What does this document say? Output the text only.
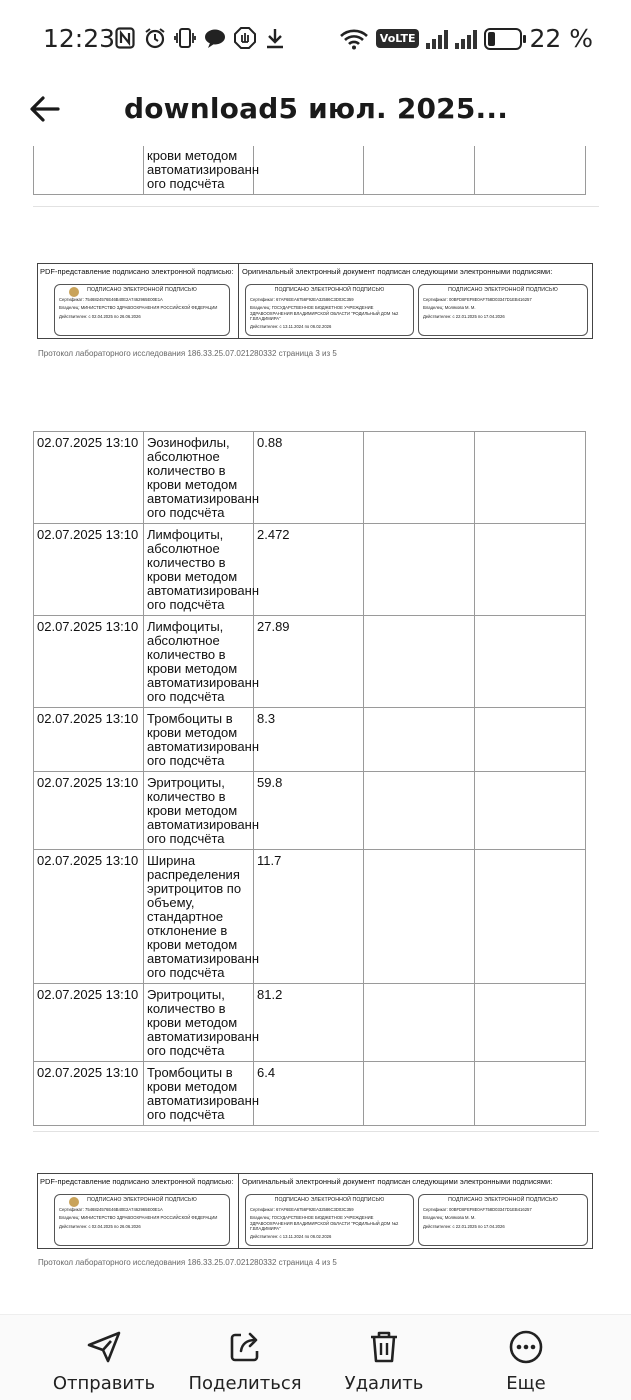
12:23	VoLTE	22 %
download5 июл. 2025...
	крови методом автоматизированн ого подсчёта			
PDF-представление подписано электронной подписью:
ПОДПИСАНО ЭЛЕКТРОННОЙ ПОДПИСЬЮ
Сертификат: 7546824576E46B40E2A7462965E00E1A
Владелец: МИНИСТЕРСТВО ЗДРАВООХРАНЕНИЯ РОССИЙСКОЙ ФЕДЕРАЦИИ
Действителен: с 02.04.2025 по 26.06.2026
Оригинальный электронный документ подписан следующими электронными подписями:
ПОДПИСАНО ЭЛЕКТРОННОЙ ПОДПИСЬЮ
Сертификат: 67AF6EEA6756F92EA32586C3D03C359
Владелец: ГОСУДАРСТВЕННОЕ БЮДЖЕТНОЕ УЧРЕЖДЕНИЕ ЗДРАВООХРАНЕНИЯ ВЛАДИМИРСКОЙ ОБЛАСТИ "РОДИЛЬНЫЙ ДОМ №2 Г.ВЛАДИМИРА"
Действителен: с 13.11.2024 по 06.02.2026
ПОДПИСАНО ЭЛЕКТРОННОЙ ПОДПИСЬЮ
Сертификат: 00BFD8FEF8E0AF758D03347D1EB416257
Владелец: Молякова М. М.
Действителен: с 22.01.2025 по 17.04.2026
Протокол лабораторного исследования 186.33.25.07.021280332 страница 3 из 5
02.07.2025 13:10	Эозинофилы, абсолютное количество в крови методом автоматизированн ого подсчёта	0.88		
02.07.2025 13:10	Лимфоциты, абсолютное количество в крови методом автоматизированн ого подсчёта	2.472		
02.07.2025 13:10	Лимфоциты, абсолютное количество в крови методом автоматизированн ого подсчёта	27.89		
02.07.2025 13:10	Тромбоциты в крови методом автоматизированн ого подсчёта	8.3		
02.07.2025 13:10	Эритроциты, количество в крови методом автоматизированн ого подсчёта	59.8		
02.07.2025 13:10	Ширина распределения эритроцитов по объему, стандартное отклонение в крови методом автоматизированн ого подсчёта	11.7		
02.07.2025 13:10	Эритроциты, количество в крови методом автоматизированн ого подсчёта	81.2		
02.07.2025 13:10	Тромбоциты в крови методом автоматизированн ого подсчёта	6.4		
PDF-представление подписано электронной подписью:
ПОДПИСАНО ЭЛЕКТРОННОЙ ПОДПИСЬЮ
Сертификат: 7546824576E46B40E2A7462965E00E1A
Владелец: МИНИСТЕРСТВО ЗДРАВООХРАНЕНИЯ РОССИЙСКОЙ ФЕДЕРАЦИИ
Действителен: с 02.04.2025 по 26.06.2026
Оригинальный электронный документ подписан следующими электронными подписями:
ПОДПИСАНО ЭЛЕКТРОННОЙ ПОДПИСЬЮ
Сертификат: 67AF6EEA6756F92EA32586C3D03C359
Владелец: ГОСУДАРСТВЕННОЕ БЮДЖЕТНОЕ УЧРЕЖДЕНИЕ ЗДРАВООХРАНЕНИЯ ВЛАДИМИРСКОЙ ОБЛАСТИ "РОДИЛЬНЫЙ ДОМ №2 Г.ВЛАДИМИРА"
Действителен: с 13.11.2024 по 06.02.2026
ПОДПИСАНО ЭЛЕКТРОННОЙ ПОДПИСЬЮ
Сертификат: 00BFD8FEF8E0AF758D03347D1EB416257
Владелец: Молякова М. М.
Действителен: с 22.01.2025 по 17.04.2026
Протокол лабораторного исследования 186.33.25.07.021280332 страница 4 из 5
Отправить	Поделиться	Удалить	Еще
